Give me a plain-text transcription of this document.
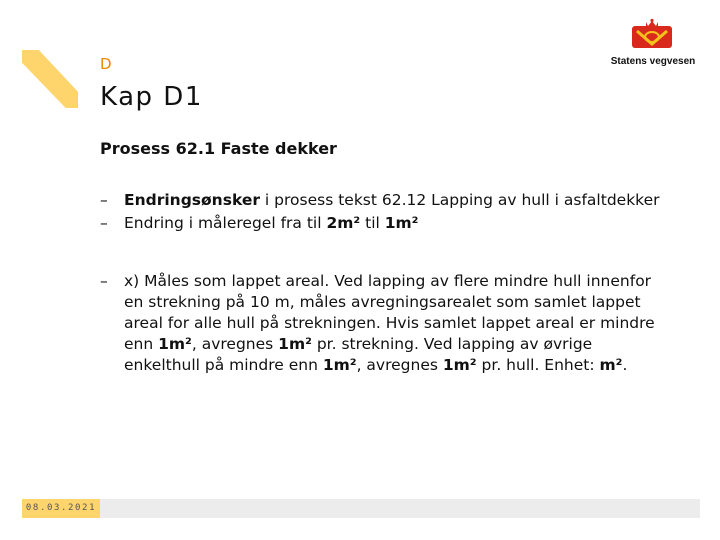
D
Kap D1
Prosess 62.1 Faste dekker
Statens vegvesen
– Endringsønsker i prosess tekst 62.12 Lapping av hull i asfaltdekker
– Endring i måleregel fra til 2m² til 1m²
– x) Måles som lappet areal. Ved lapping av flere mindre hull innenfor en strekning på 10 m, måles avregningsarealet som samlet lappet areal for alle hull på strekningen. Hvis samlet lappet areal er mindre enn 1m², avregnes 1m² pr. strekning. Ved lapping av øvrige enkelthull på mindre enn 1m², avregnes 1m² pr. hull. Enhet: m².
08.03.2021
